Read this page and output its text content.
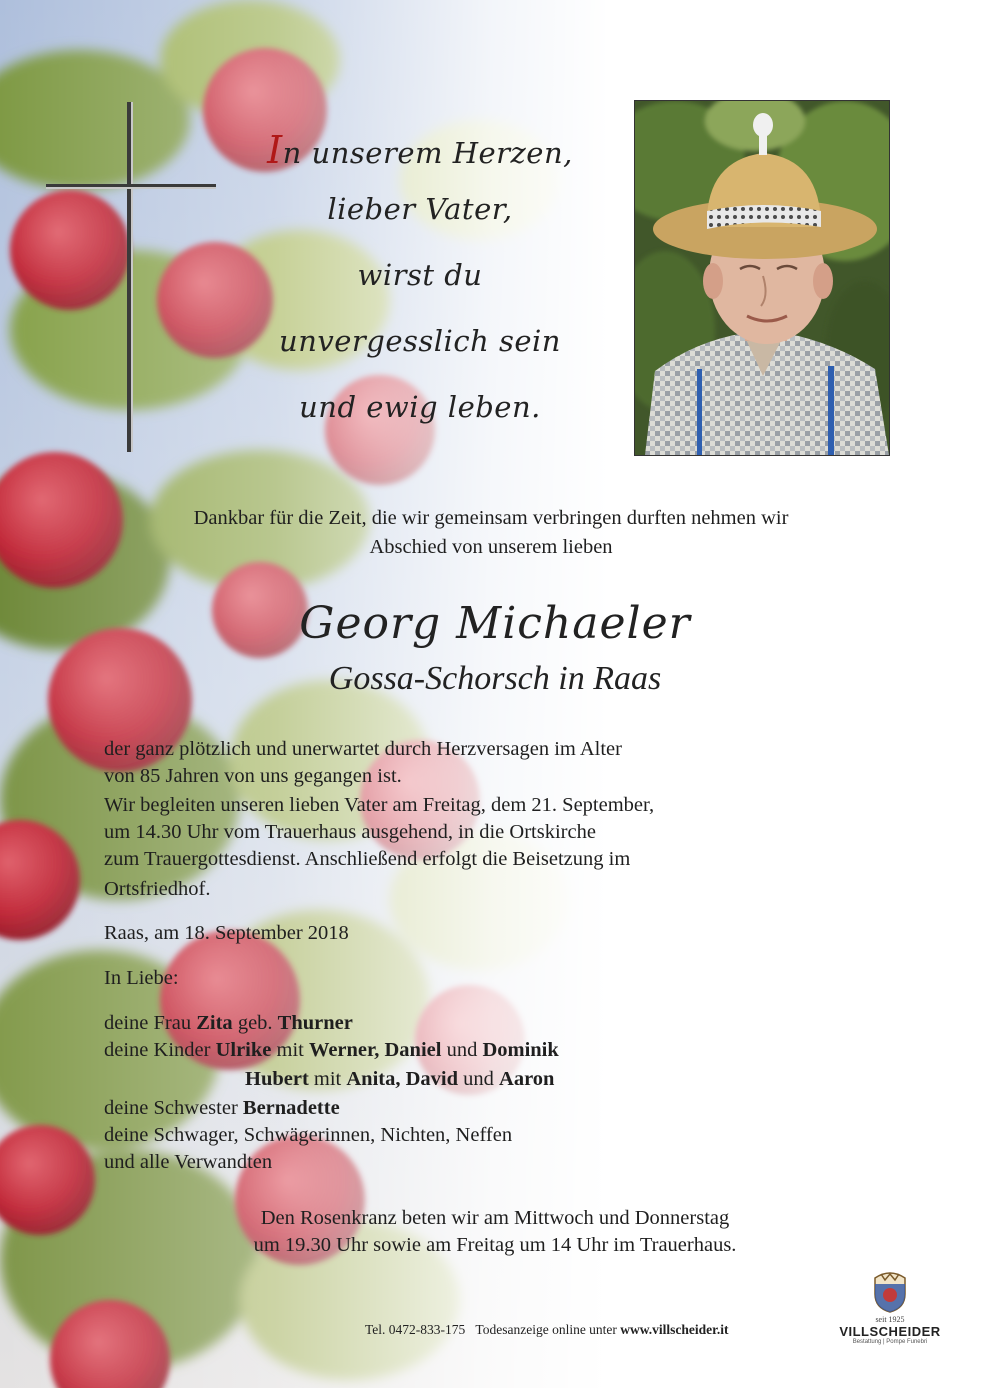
In unserem Herzen,
lieber Vater,
wirst du
unvergesslich sein
und ewig leben.
Dankbar für die Zeit, die wir gemeinsam verbringen durften nehmen wir
Abschied von unserem lieben
Georg Michaeler
Gossa-Schorsch in Raas
der ganz plötzlich und unerwartet durch Herzversagen im Alter
von 85 Jahren von uns gegangen ist.
Wir begleiten unseren lieben Vater am Freitag, dem 21. September,
um 14.30 Uhr vom Trauerhaus ausgehend, in die Ortskirche
zum Trauergottesdienst. Anschließend erfolgt die Beisetzung im
Ortsfriedhof.
Raas, am 18. September 2018
In Liebe:
deine Frau Zita geb. Thurner
deine Kinder Ulrike mit Werner, Daniel und Dominik
Hubert mit Anita, David und Aaron
deine Schwester Bernadette
deine Schwager, Schwägerinnen, Nichten, Neffen
und alle Verwandten
Den Rosenkranz beten wir am Mittwoch und Donnerstag
um 19.30 Uhr sowie am Freitag um 14 Uhr im Trauerhaus.
Tel. 0472-833-175 Todesanzeige online unter www.villscheider.it
seit 1925
VILLSCHEIDER
Bestattung | Pompe Funebri
